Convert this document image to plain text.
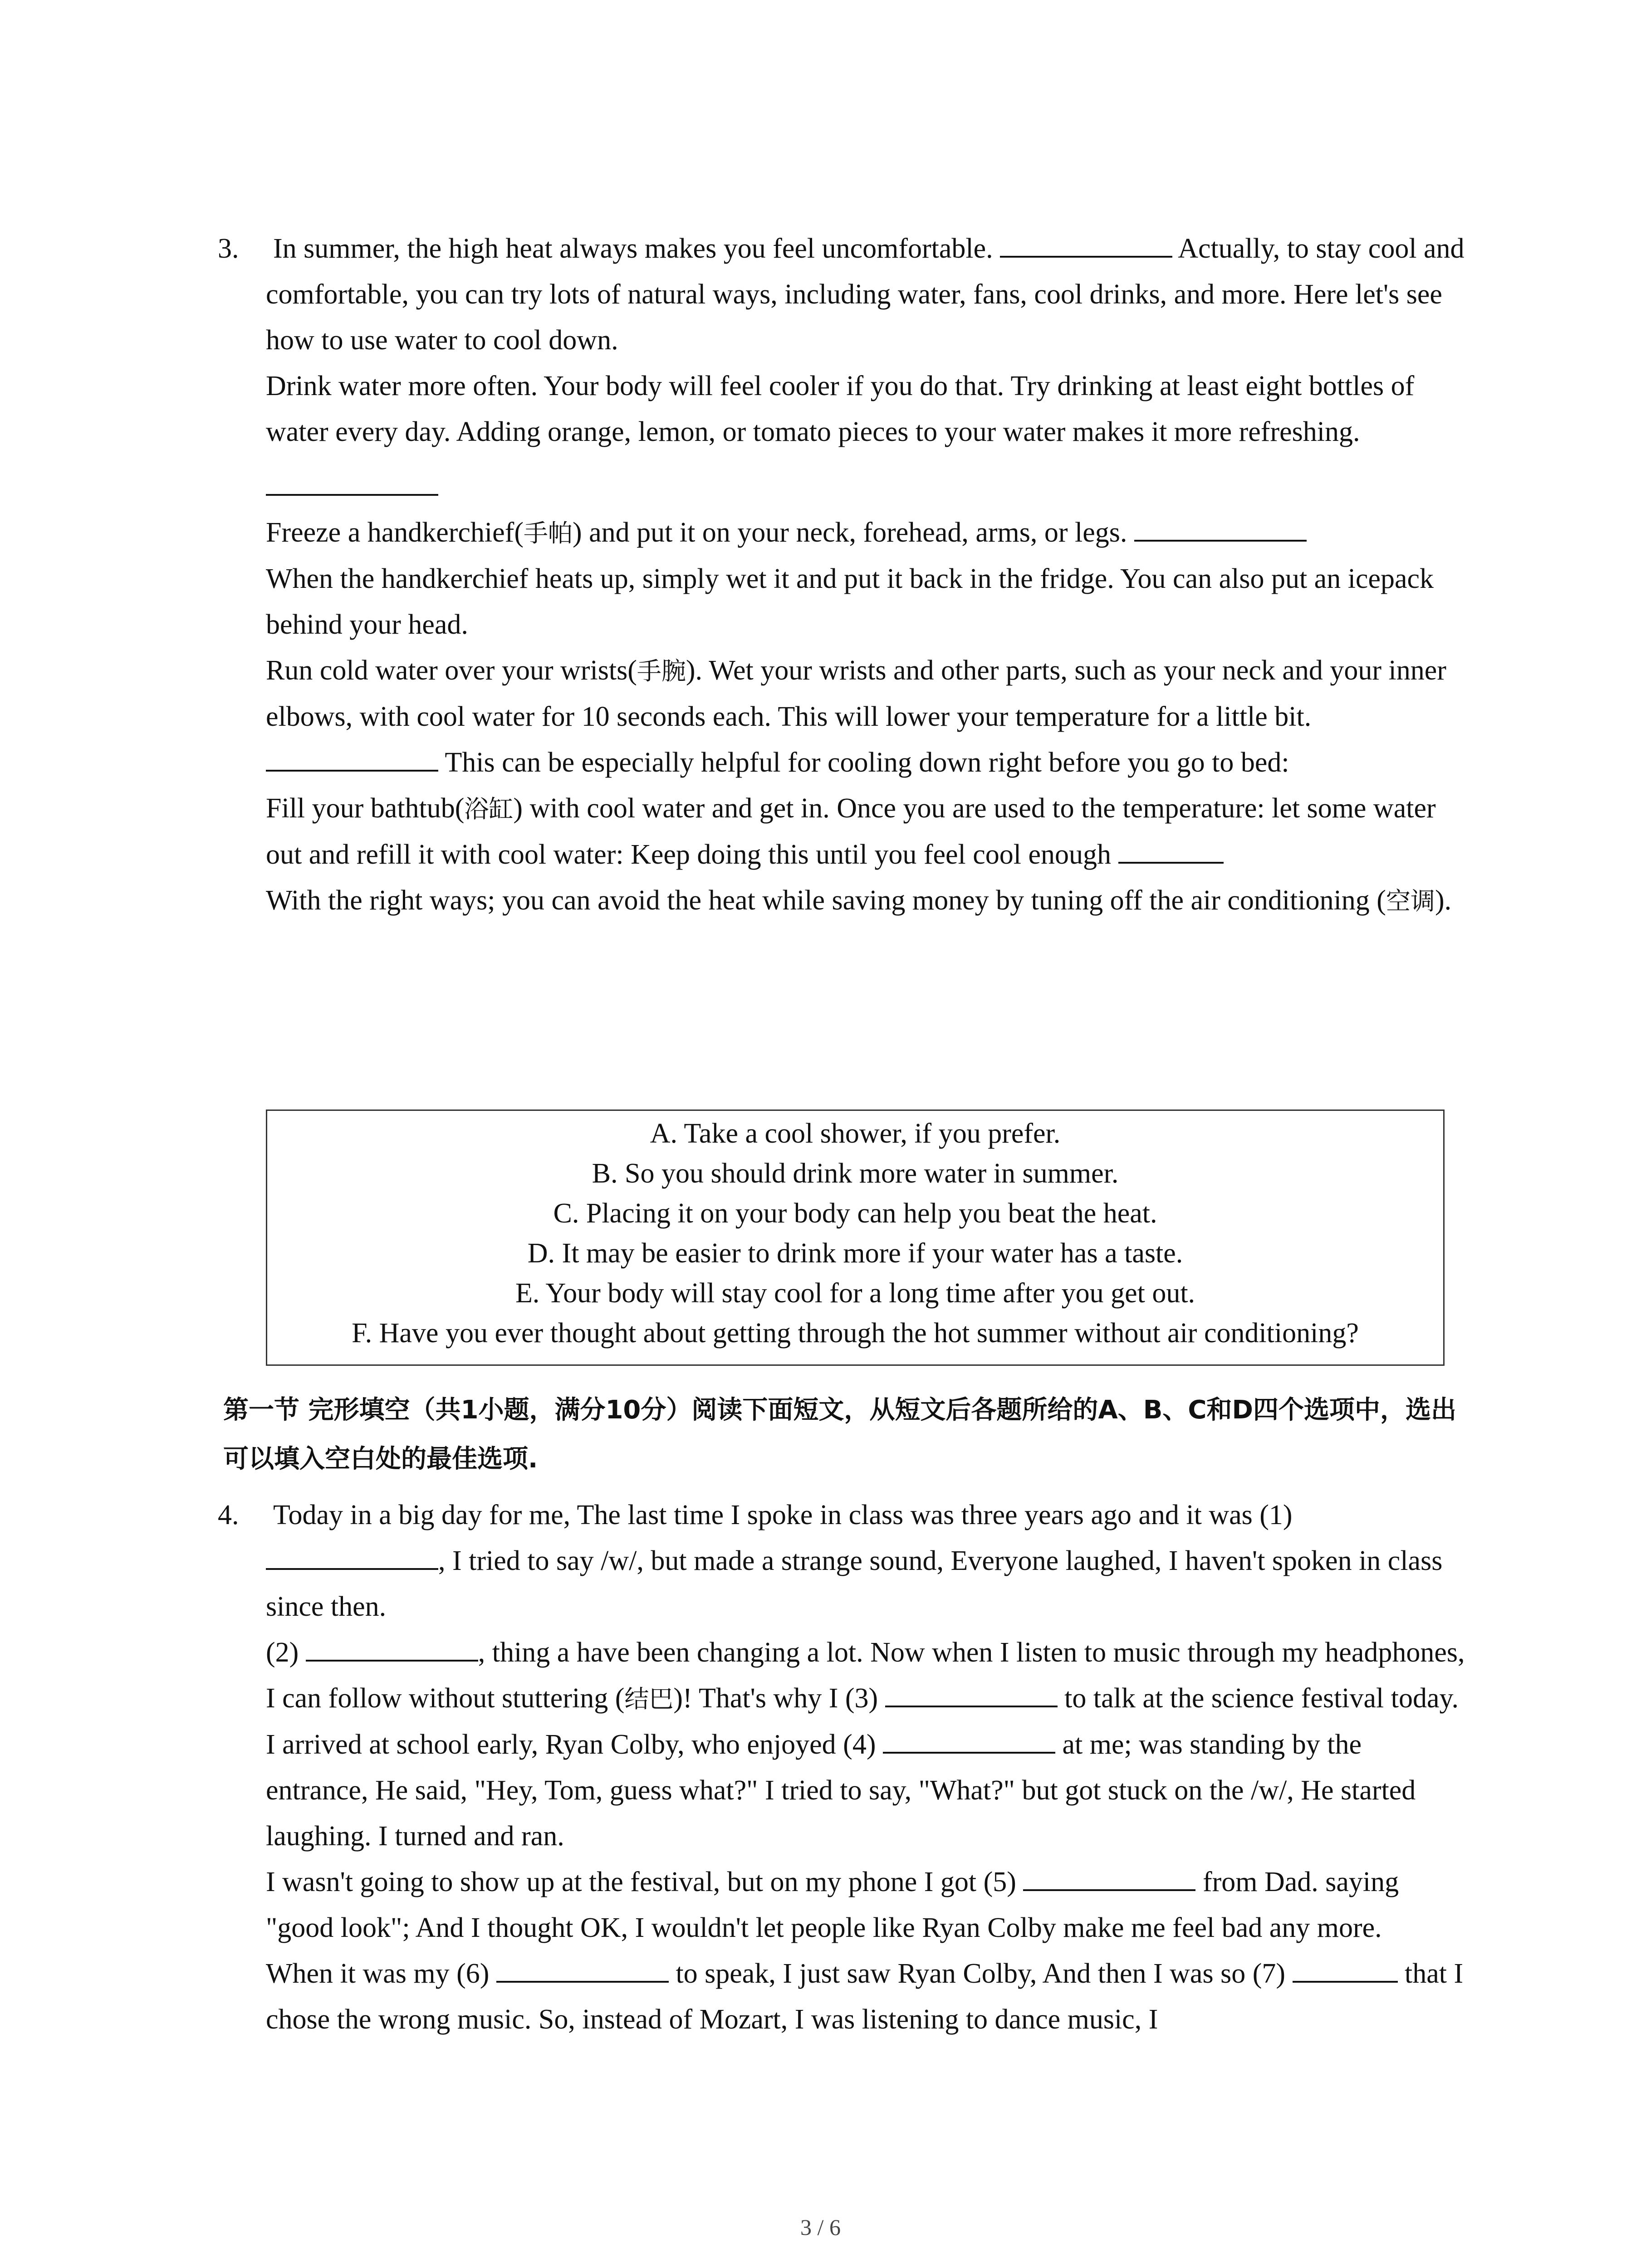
3. In summer, the high heat always makes you feel uncomfortable.	Actually, to stay cool and comfortable, you can try lots of natural ways, including water, fans, cool drinks, and more. Here let's see how to use water to cool down.

Drink water more often. Your body will feel cooler if you do that. Try drinking at least eight bottles of water every day. Adding orange, lemon, or tomato pieces to your water makes it more refreshing.

Freeze a handkerchief(手帕) and put it on your neck, forehead, arms, or legs.

When the handkerchief heats up, simply wet it and put it back in the fridge. You can also put an icepack behind your head.

Run cold water over your wrists(手腕). Wet your wrists and other parts, such as your neck and your inner elbows, with cool water for 10 seconds each. This will lower your temperature for a little bit.  This can be especially helpful for cooling down right before you go to bed:

Fill your bathtub(浴缸) with cool water and get in. Once you are used to the temperature: let some water out and refill it with cool water: Keep doing this until you feel cool enough

With the right ways; you can avoid the heat while saving money by tuning off the air conditioning (空调).

A. Take a cool shower, if you prefer.
B. So you should drink more water in summer.
C. Placing it on your body can help you beat the heat.
D. It may be easier to drink more if your water has a taste.
E. Your body will stay cool for a long time after you get out.
F. Have you ever thought about getting through the hot summer without air conditioning?
第一节 完形填空（共1小题，满分10分）阅读下面短文，从短文后各题所给的A、B、C和D四个选项中，选出可以填入空白处的最佳选项.
4. Today in a big day for me, The last time I spoke in class was three years ago and it was (1) , I tried to say /w/, but made a strange sound, Everyone laughed, I haven't spoken in class since then.

(2)	, thing a have been changing a lot. Now when I listen to music through my headphones, I can follow without stuttering (结巴)! That's why I (3)	to talk at the science festival today.

I arrived at school early, Ryan Colby, who enjoyed (4)	at me; was standing by the entrance, He said, "Hey, Tom, guess what?" I tried to say, "What?" but got stuck on the /w/, He started laughing. I turned and ran.

I wasn't going to show up at the festival, but on my phone I got (5)	from Dad. saying "good look"; And I thought OK, I wouldn't let people like Ryan Colby make me feel bad any more.

When it was my (6)	to speak, I just saw Ryan Colby, And then I was so (7)	that I chose the wrong music. So, instead of Mozart, I was listening to dance music, I

3 / 6
